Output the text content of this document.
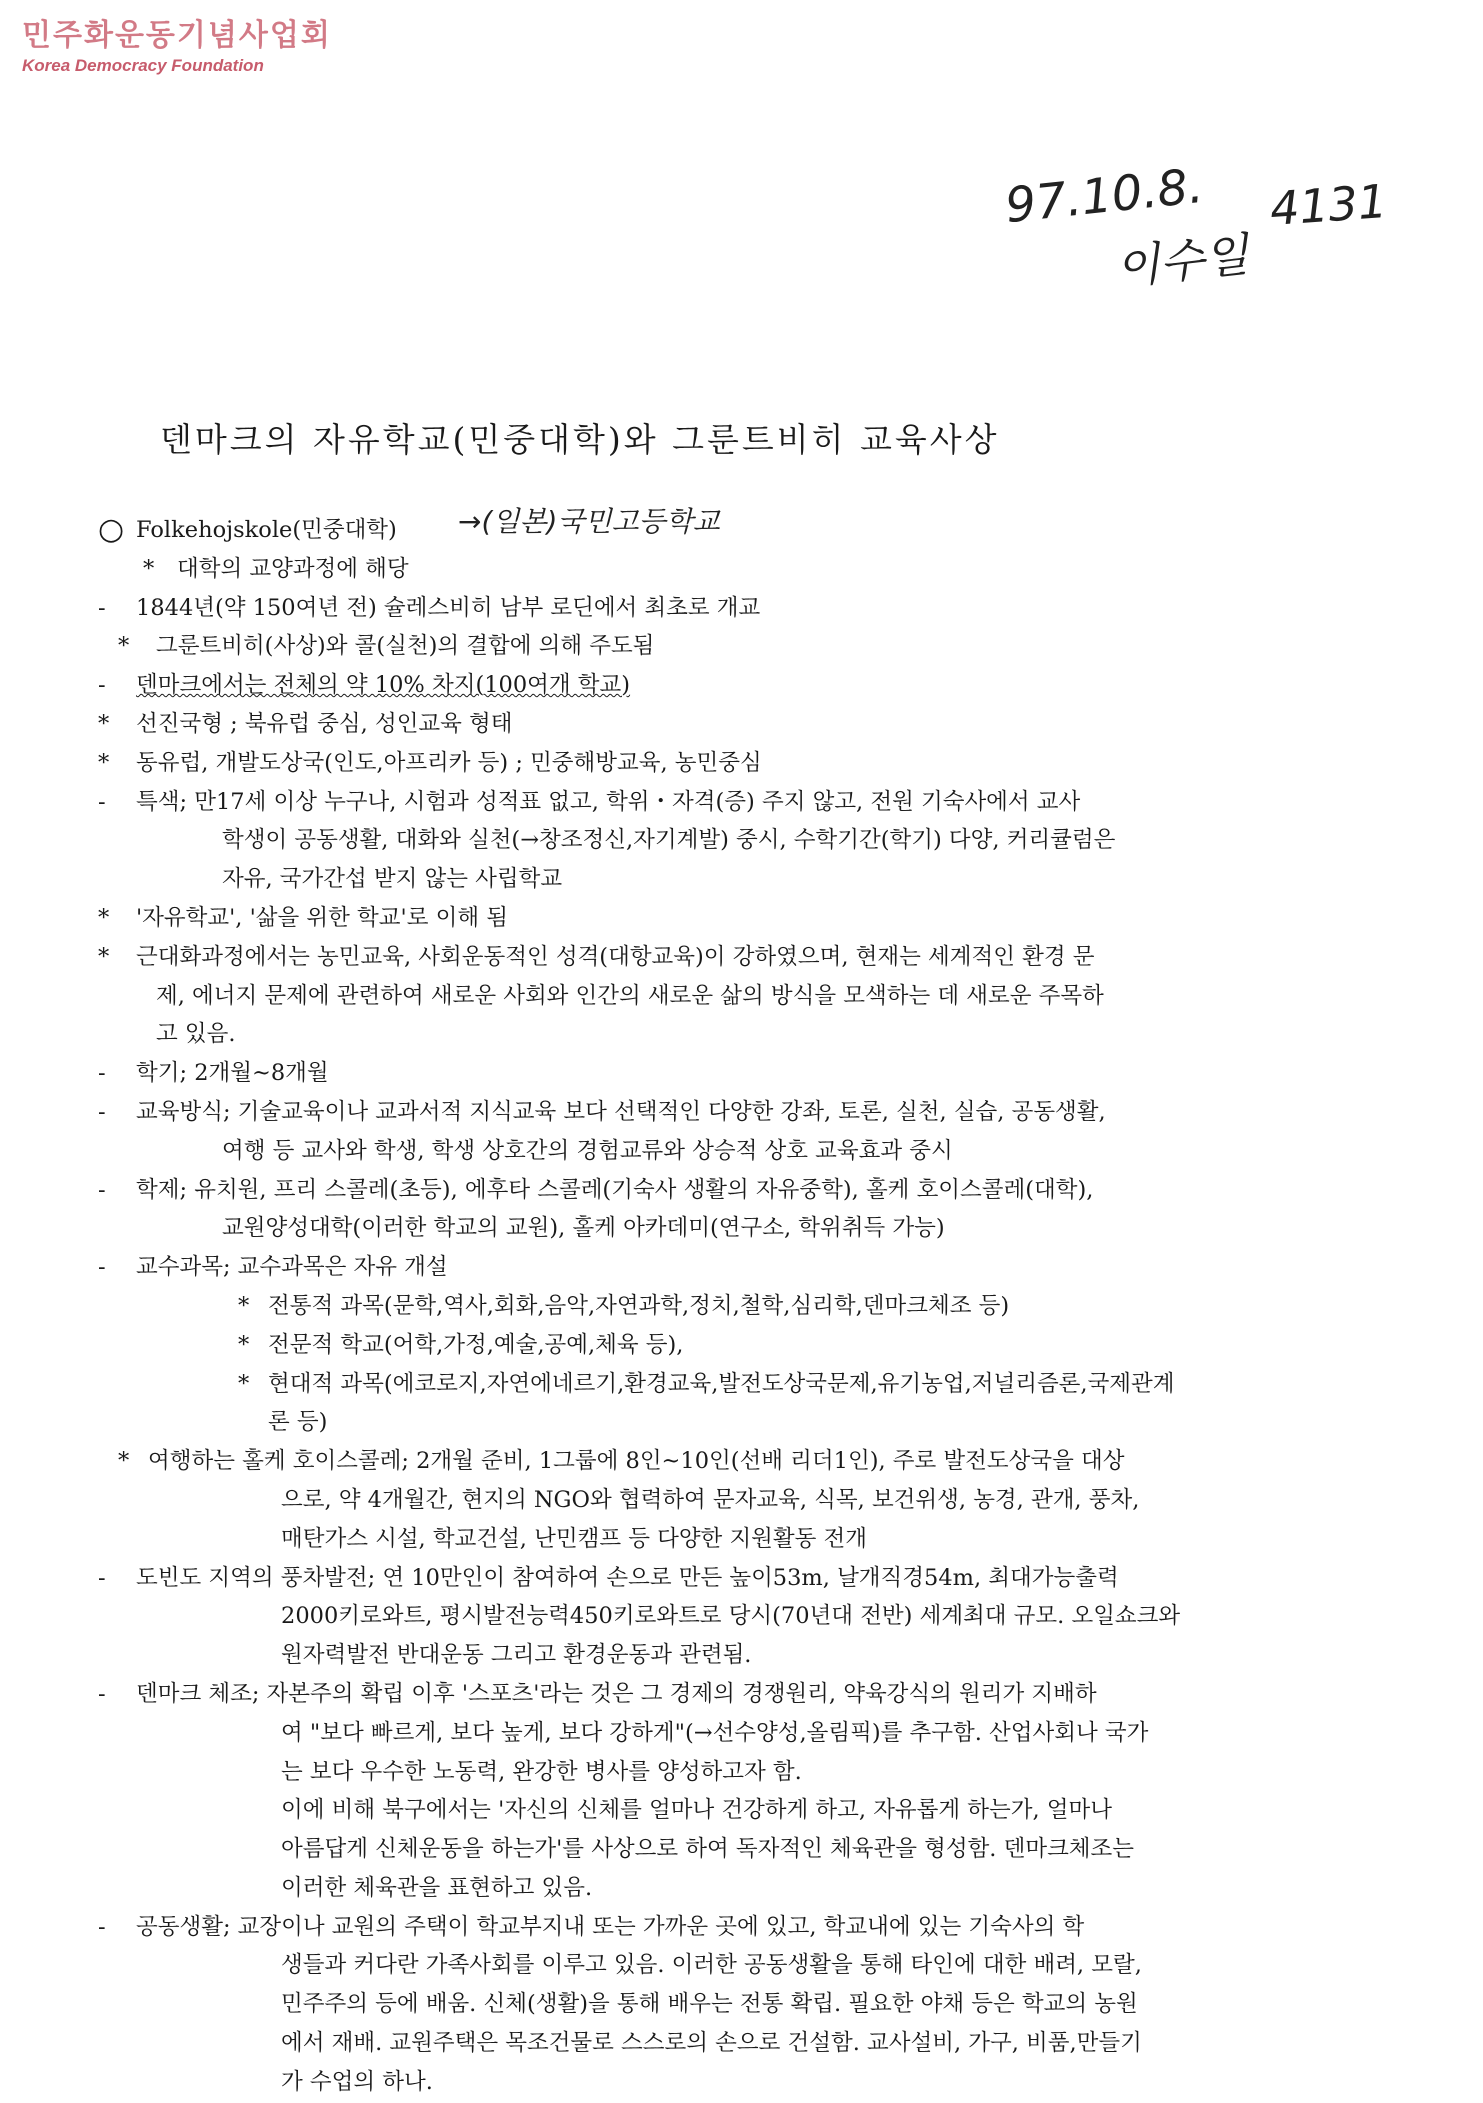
민주화운동기념사업회
Korea Democracy Foundation
97.10.8. 4131
이수일
→(일본)국민고등학교
덴마크의 자유학교(민중대학)와 그룬트비히 교육사상
○ Folkehojskole(민중대학)
* 대학의 교양과정에 해당
- 1844년(약 150여년 전) 슐레스비히 남부 로딘에서 최초로 개교
* 그룬트비히(사상)와 콜(실천)의 결합에 의해 주도됨
- 덴마크에서는 전체의 약 10% 차지(100여개 학교)
* 선진국형 ; 북유럽 중심, 성인교육 형태
* 동유럽, 개발도상국(인도,아프리카 등) ; 민중해방교육, 농민중심
- 특색; 만17세 이상 누구나, 시험과 성적표 없고, 학위・자격(증) 주지 않고, 전원 기숙사에서 교사
학생이 공동생활, 대화와 실천(→창조정신,자기계발) 중시, 수학기간(학기) 다양, 커리큘럼은
자유, 국가간섭 받지 않는 사립학교
* '자유학교', '삶을 위한 학교'로 이해 됨
* 근대화과정에서는 농민교육, 사회운동적인 성격(대항교육)이 강하였으며, 현재는 세계적인 환경 문
제, 에너지 문제에 관련하여 새로운 사회와 인간의 새로운 삶의 방식을 모색하는 데 새로운 주목하
고 있음.
- 학기; 2개월~8개월
- 교육방식; 기술교육이나 교과서적 지식교육 보다 선택적인 다양한 강좌, 토론, 실천, 실습, 공동생활,
여행 등 교사와 학생, 학생 상호간의 경험교류와 상승적 상호 교육효과 중시
- 학제; 유치원, 프리 스콜레(초등), 에후타 스콜레(기숙사 생활의 자유중학), 홀케 호이스콜레(대학),
교원양성대학(이러한 학교의 교원), 홀케 아카데미(연구소, 학위취득 가능)
- 교수과목; 교수과목은 자유 개설
* 전통적 과목(문학,역사,회화,음악,자연과학,정치,철학,심리학,덴마크체조 등)
* 전문적 학교(어학,가정,예술,공예,체육 등),
* 현대적 과목(에코로지,자연에네르기,환경교육,발전도상국문제,유기농업,저널리즘론,국제관계
론 등)
* 여행하는 홀케 호이스콜레; 2개월 준비, 1그룹에 8인~10인(선배 리더1인), 주로 발전도상국을 대상
으로, 약 4개월간, 현지의 NGO와 협력하여 문자교육, 식목, 보건위생, 농경, 관개, 풍차,
매탄가스 시설, 학교건설, 난민캠프 등 다양한 지원활동 전개
- 도빈도 지역의 풍차발전; 연 10만인이 참여하여 손으로 만든 높이53m, 날개직경54m, 최대가능출력
2000키로와트, 평시발전능력450키로와트로 당시(70년대 전반) 세계최대 규모. 오일쇼크와
원자력발전 반대운동 그리고 환경운동과 관련됨.
- 덴마크 체조; 자본주의 확립 이후 '스포츠'라는 것은 그 경제의 경쟁원리, 약육강식의 원리가 지배하
여 "보다 빠르게, 보다 높게, 보다 강하게"(→선수양성,올림픽)를 추구함. 산업사회나 국가
는 보다 우수한 노동력, 완강한 병사를 양성하고자 함.
이에 비해 북구에서는 '자신의 신체를 얼마나 건강하게 하고, 자유롭게 하는가, 얼마나
아름답게 신체운동을 하는가'를 사상으로 하여 독자적인 체육관을 형성함. 덴마크체조는
이러한 체육관을 표현하고 있음.
- 공동생활; 교장이나 교원의 주택이 학교부지내 또는 가까운 곳에 있고, 학교내에 있는 기숙사의 학
생들과 커다란 가족사회를 이루고 있음. 이러한 공동생활을 통해 타인에 대한 배려, 모랄,
민주주의 등에 배움. 신체(생활)을 통해 배우는 전통 확립. 필요한 야채 등은 학교의 농원
에서 재배. 교원주택은 목조건물로 스스로의 손으로 건설함. 교사설비, 가구, 비품,만들기
가 수업의 하나.
